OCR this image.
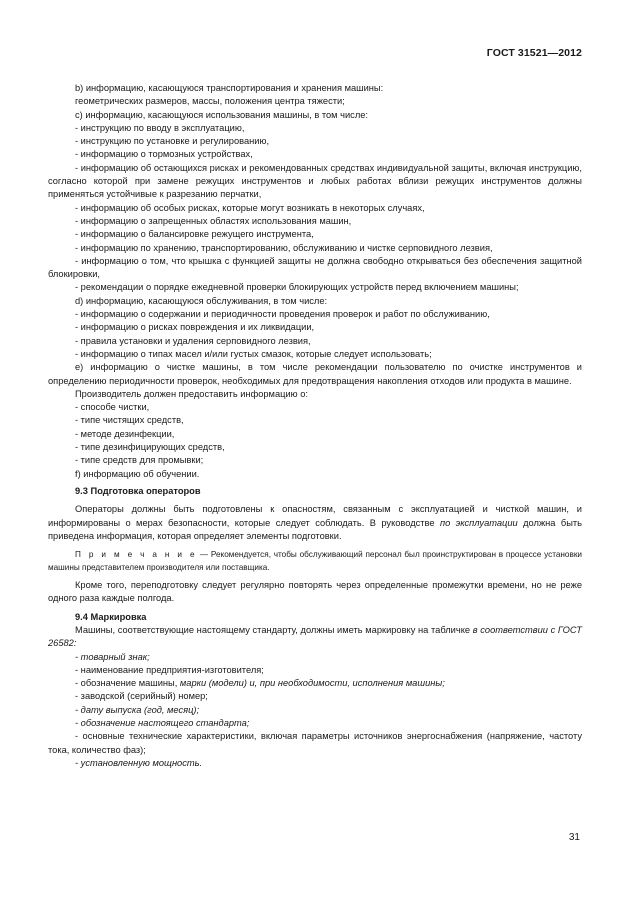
ГОСТ 31521—2012

b) информацию, касающуюся транспортирования и хранения машины:

геометрических размеров, массы, положения центра тяжести;

c) информацию, касающуюся использования машины, в том числе:

- инструкцию по вводу в эксплуатацию,

- инструкцию по установке и регулированию,

- информацию о тормозных устройствах,

- информацию об остающихся рисках и рекомендованных средствах индивидуальной защиты, включая инструкцию, согласно которой при замене режущих инструментов и любых работах вблизи режущих инструментов должны применяться устойчивые к разрезанию перчатки,

- информацию об особых рисках, которые могут возникать в некоторых случаях,

- информацию о запрещенных областях использования машин,

- информацию о балансировке режущего инструмента,

- информацию по хранению, транспортированию, обслуживанию и чистке серповидного лезвия,

- информацию о том, что крышка с функцией защиты не должна свободно открываться без обеспечения защитной блокировки,

- рекомендации о порядке ежедневной проверки блокирующих устройств перед включением машины;

d) информацию, касающуюся обслуживания, в том числе:

- информацию о содержании и периодичности проведения проверок и работ по обслуживанию,

- информацию о рисках повреждения и их ликвидации,

- правила установки и удаления серповидного лезвия,

- информацию о типах масел и/или густых смазок, которые следует использовать;

e) информацию о чистке машины, в том числе рекомендации пользователю по очистке инструментов и определению периодичности проверок, необходимых для предотвращения накопления отходов или продукта в машине.

Производитель должен предоставить информацию о:

- способе чистки,

- типе чистящих средств,

- методе дезинфекции,

- типе дезинфицирующих средств,

- типе средств для промывки;

f) информацию об обучении.

9.3 Подготовка операторов

Операторы должны быть подготовлены к опасностям, связанным с эксплуатацией и чисткой машин, и информированы о мерах безопасности, которые следует соблюдать. В руководстве по эксплуатации должна быть приведена информация, которая определяет элементы подготовки.

П р и м е ч а н и е — Рекомендуется, чтобы обслуживающий персонал был проинструктирован в процессе установки машины представителем производителя или поставщика.

Кроме того, переподготовку следует регулярно повторять через определенные промежутки времени, но не реже одного раза каждые полгода.

9.4 Маркировка

Машины, соответствующие настоящему стандарту, должны иметь маркировку на табличке в соответствии с ГОСТ 26582:

- товарный знак;

- наименование предприятия-изготовителя;

- обозначение машины, марки (модели) и, при необходимости, исполнения машины;

- заводской (серийный) номер;

- дату выпуска (год, месяц);

- обозначение настоящего стандарта;

- основные технические характеристики, включая параметры источников энергоснабжения (напряжение, частоту тока, количество фаз);

- установленную мощность.

31
